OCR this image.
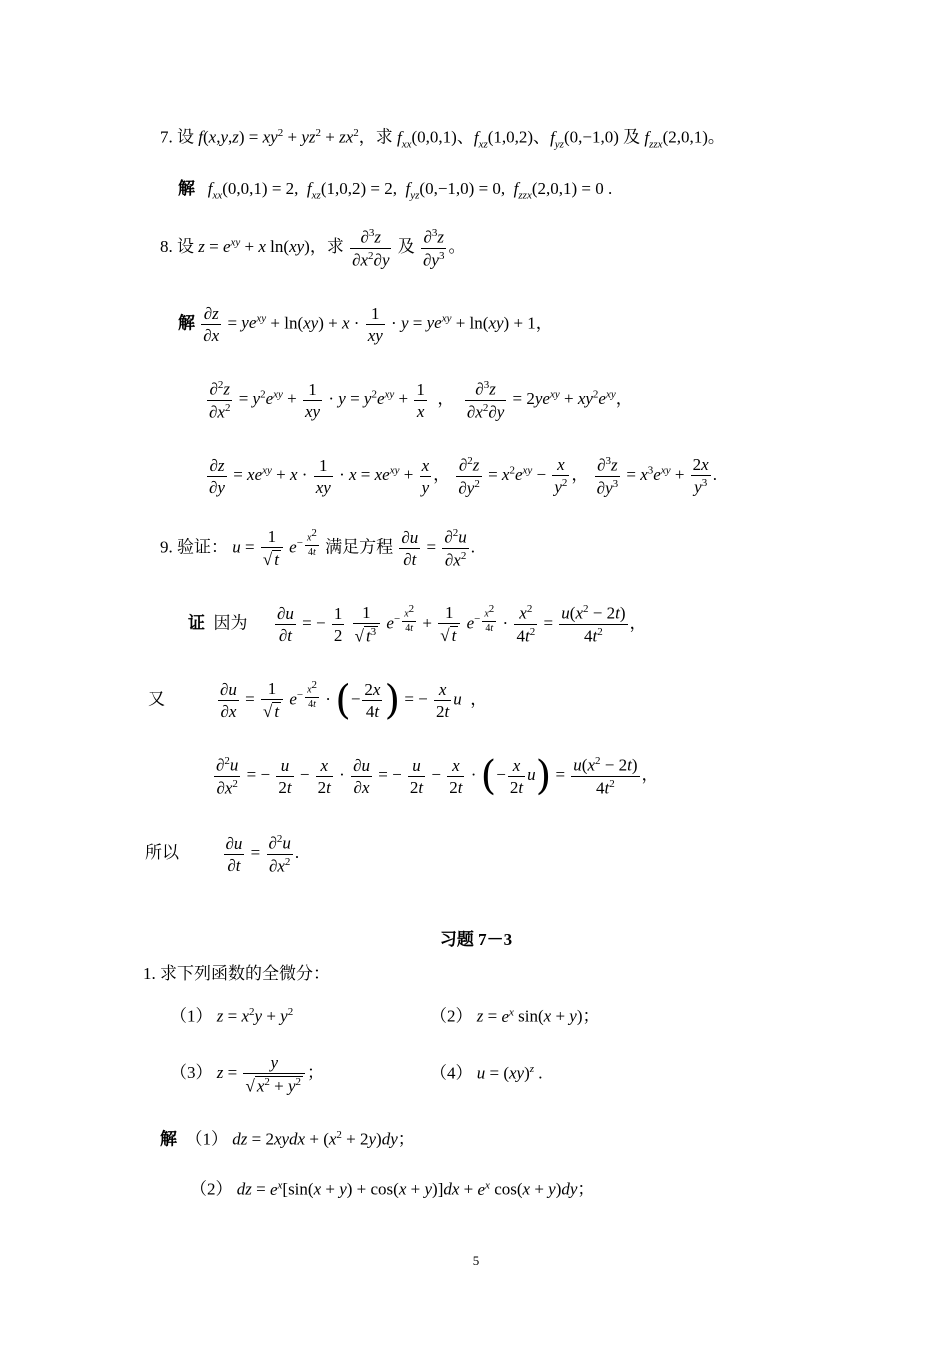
7. 设 $f(x,y,z) = xy^2 + yz^2 + zx^2$，求 $f_{xx}(0,0,1)$、$f_{xz}(1,0,2)$、$f_{yz}(0,-1,0)$ 及 $f_{zzx}(2,0,1)$。
解 $f_{xx}(0,0,1) = 2$,  $f_{xz}(1,0,2) = 2$,  $f_{yz}(0,-1,0) = 0$,  $f_{zzx}(2,0,1) = 0$ .
8. 设 $z = e^{xy} + x$ ln(xy)，求 $\frac{\partial^3z}{\partial x^2\partial y}$ 及 $\frac{\partial^3z}{\partial y^3}$ 。
解 $\frac{\partial z}{\partial x} = ye^{xy} + \ln(xy) + x \cdot \frac{1}{xy} \cdot y = ye^{xy} + \ln(xy) + 1$，
$\frac{\partial^2z}{\partial x^2} = y^2e^{xy} + \frac{1}{xy} \cdot y = y^2e^{xy} + \frac{1}{x}$ ， $\frac{\partial^3z}{\partial x^2\partial y} = 2ye^{xy} + xy^2e^{xy}$，
$\frac{\partial z}{\partial y} = xe^{xy} + x \cdot \frac{1}{xy} \cdot x = xe^{xy} + \frac{x}{y}$ ， $\frac{\partial^2z}{\partial y^2} = x^2e^{xy} - \frac{x}{y^2}$ ， $\frac{\partial^3z}{\partial y^3} = x^3e^{xy} + \frac{2x}{y^3}$ .
9. 验证： $u = \frac{1}{√ t} e^{- \frac{x^2}{4t}}$ 满足方程 $\frac{\partial u}{\partial t} = \frac{\partial^2u}{\partial x^2}$ .
证 因为 $\frac{\partial u}{\partial t}$ = − $\frac{1}{2}$
$\frac{1}{√ t^3} e^{- \frac{x^2}{4t}} + \frac{1}{√ t} e^{- \frac{x^2}{4t}} \cdot \frac{x^2}{4t^2} = \frac{u(x^2 - 2t)}{4t^2}$ ，
又	$\frac{\partial u}{\partial x} = \frac{1}{√ t} e^{- \frac{x^2}{4t}}$ · (− $\frac{2x}{4t}$ ) = − $\frac{x}{2t}$ u  ，
$\frac{\partial^2u}{\partial x^2}$ = − $\frac{u}{2t} - \frac{x}{2t} \cdot \frac{\partial u}{\partial x}$ = − $\frac{u}{2t} - \frac{x}{2t}$ · (− $\frac{x}{2t} u) = \frac{u(x^2 - 2t)}{4t^2}$ ，
所以	$\frac{\partial u}{\partial t} = \frac{\partial^2u}{\partial x^2}$ .
习题 7－3
1. 求下列函数的全微分：
（1） $z = x^2y + y^2$	（2） $z = e^x$ sin(x + y)；
（3） $z = \frac{y}{√ x^2 + y^2}$ ；	（4） u = (xy)$^z$ .
解 （1） dz = 2xydx + $(x^2 + 2y)dy$；
（2） dz = $e^x[\sin(x + y) + \cos(x + y)]dx + e^x$ cos(x + y)dy；
5
